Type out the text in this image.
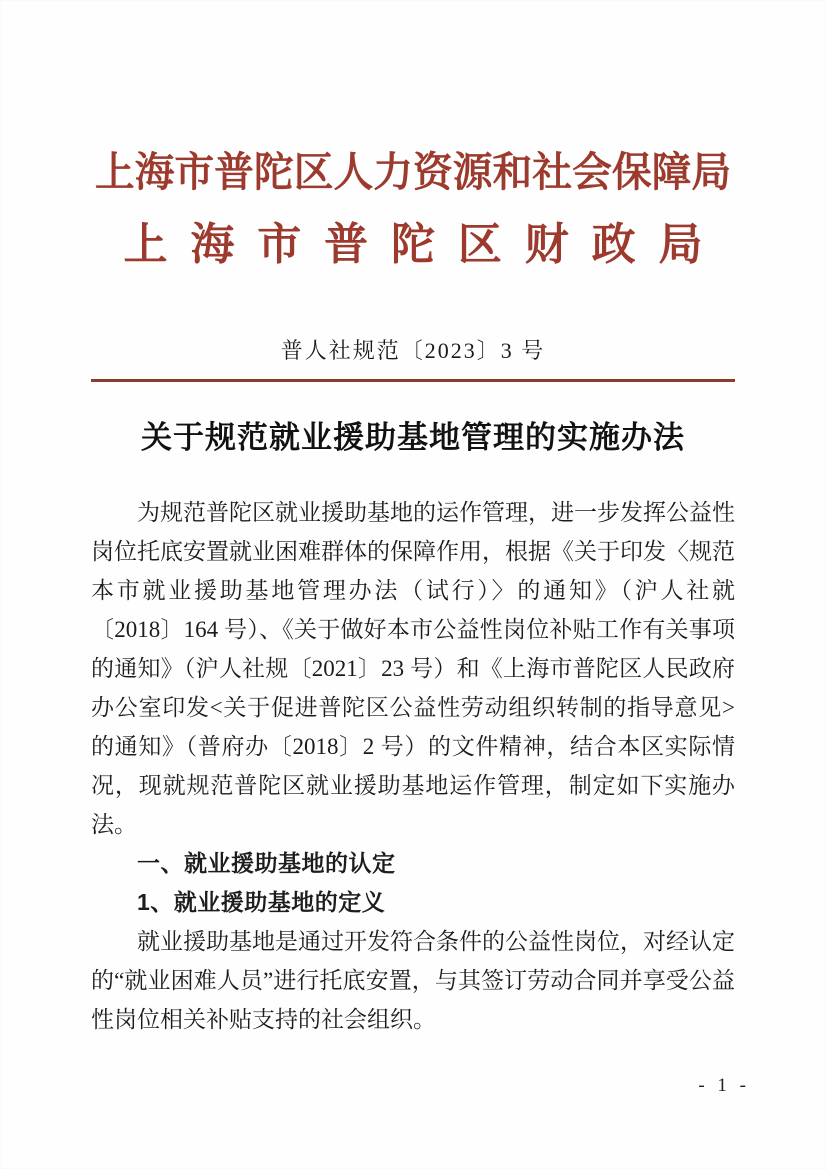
上海市普陀区人力资源和社会保障局
上海市普陀区财政局
普人社规范〔2023〕3 号
关于规范就业援助基地管理的实施办法

为规范普陀区就业援助基地的运作管理，进一步发挥公益性岗位托底安置就业困难群体的保障作用，根据《关于印发〈规范本市就业援助基地管理办法（试行）〉的通知》（沪人社就〔2018〕164 号）、《关于做好本市公益性岗位补贴工作有关事项的通知》（沪人社规〔2021〕23 号）和《上海市普陀区人民政府办公室印发<关于促进普陀区公益性劳动组织转制的指导意见>的通知》（普府办〔2018〕2 号）的文件精神，结合本区实际情况，现就规范普陀区就业援助基地运作管理，制定如下实施办法。

一、就业援助基地的认定

1、就业援助基地的定义

就业援助基地是通过开发符合条件的公益性岗位，对经认定的“就业困难人员”进行托底安置，与其签订劳动合同并享受公益性岗位相关补贴支持的社会组织。

- 1 -
